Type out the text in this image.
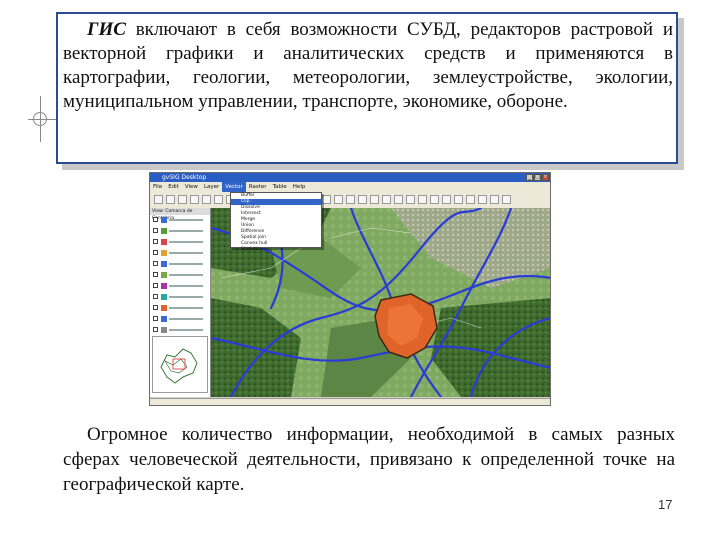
ГИС включают в себя возможности СУБД, редакторов растровой и векторной графики и аналитических средств и применяются в картографии, геологии, метеорологии, землеустройстве, экологии, муниципальном управлении, транспорте, экономике, обороне.
gvSIG Desktop	_ □ ×
File	Edit	View	Layer	Vector	Raster	Table	Help
View: Comarca de
Buffer
Clip
Dissolve
Intersect
Merge
Union
Difference
Spatial join
Convex hull
Statistics
Огромное количество информации, необходимой в самых разных сферах человеческой деятельности, привязано к определенной точке на географической карте.
17
